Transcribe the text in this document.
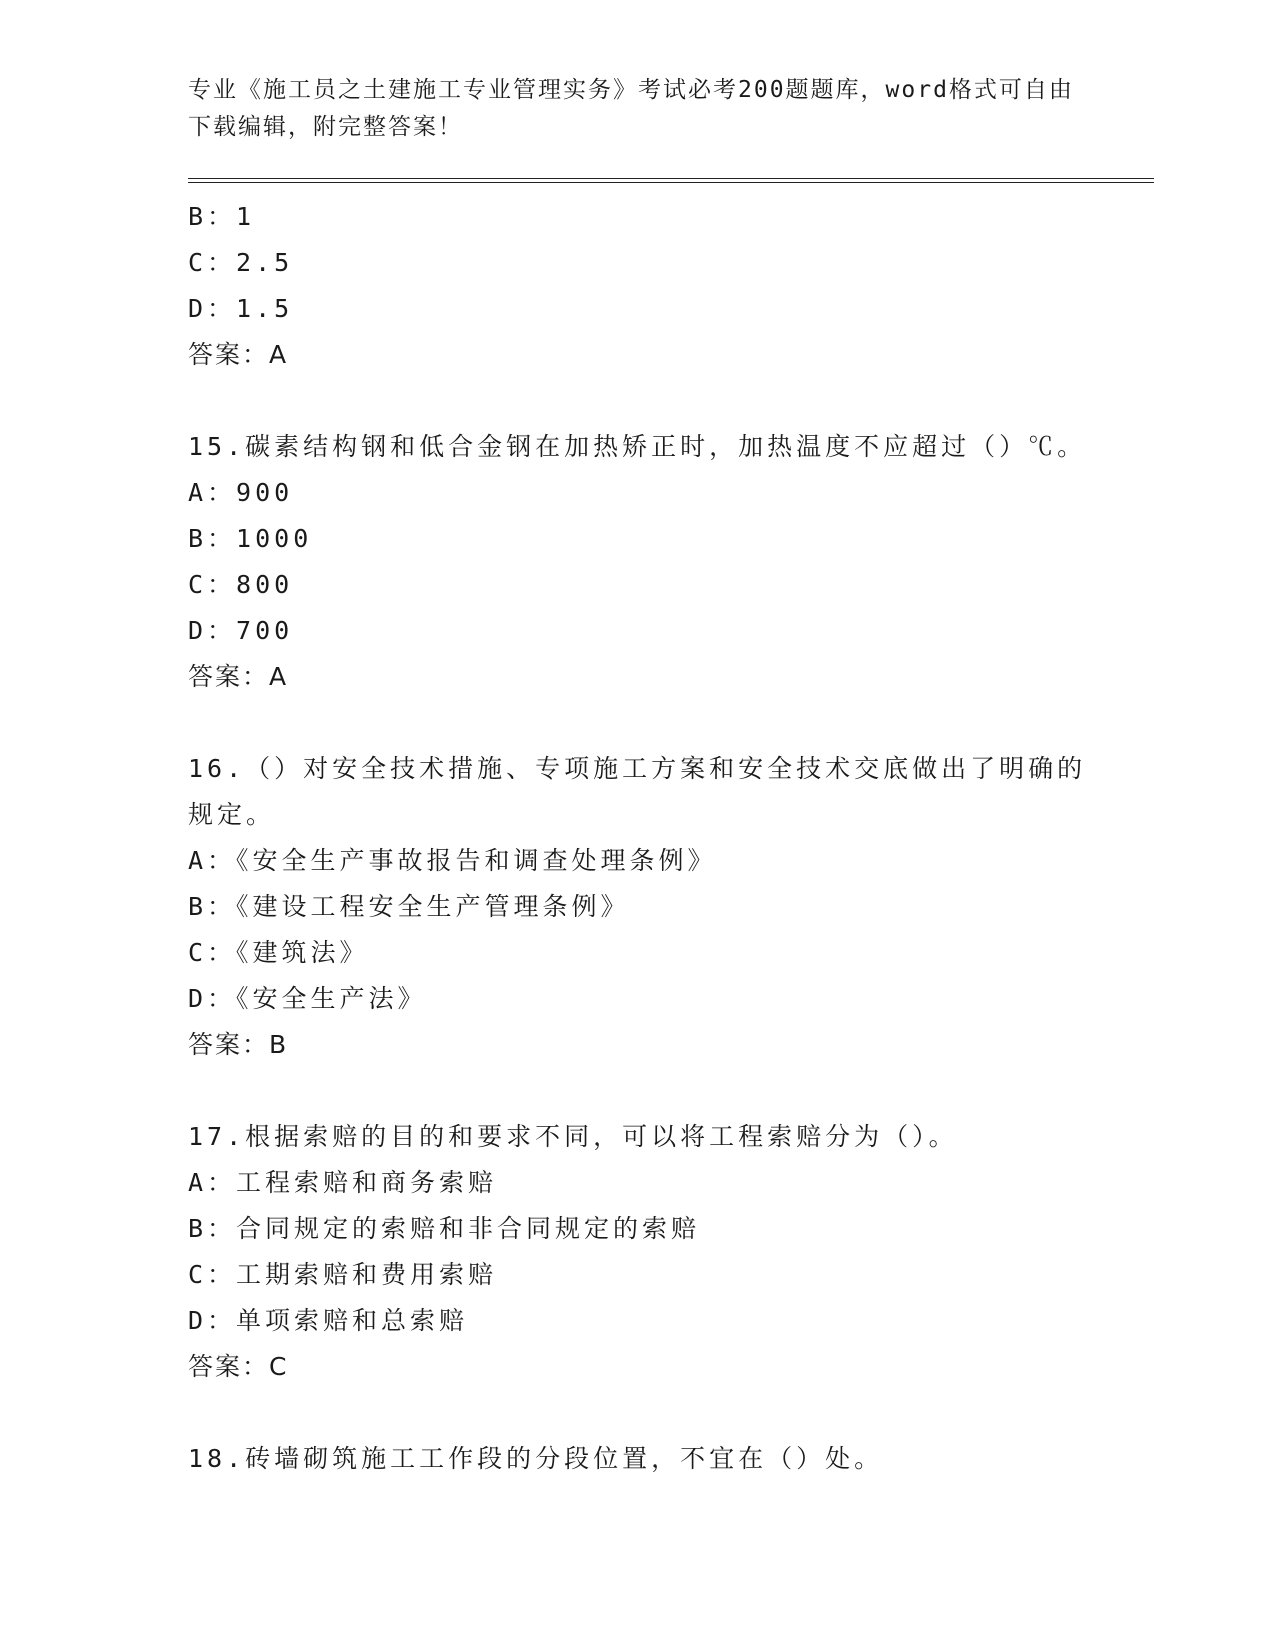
专业《施工员之土建施工专业管理实务》考试必考200题题库，word格式可自由
下载编辑，附完整答案！
B：1
C：2.5
D：1.5
答案：A
15.碳素结构钢和低合金钢在加热矫正时，加热温度不应超过（）℃。
A：900
B：1000
C：800
D：700
答案：A
16.（）对安全技术措施、专项施工方案和安全技术交底做出了明确的
规定。
A：《安全生产事故报告和调查处理条例》
B：《建设工程安全生产管理条例》
C：《建筑法》
D：《安全生产法》
答案：B
17.根据索赔的目的和要求不同，可以将工程索赔分为（）。
A：工程索赔和商务索赔
B：合同规定的索赔和非合同规定的索赔
C：工期索赔和费用索赔
D：单项索赔和总索赔
答案：C
18.砖墙砌筑施工工作段的分段位置，不宜在（）处。
